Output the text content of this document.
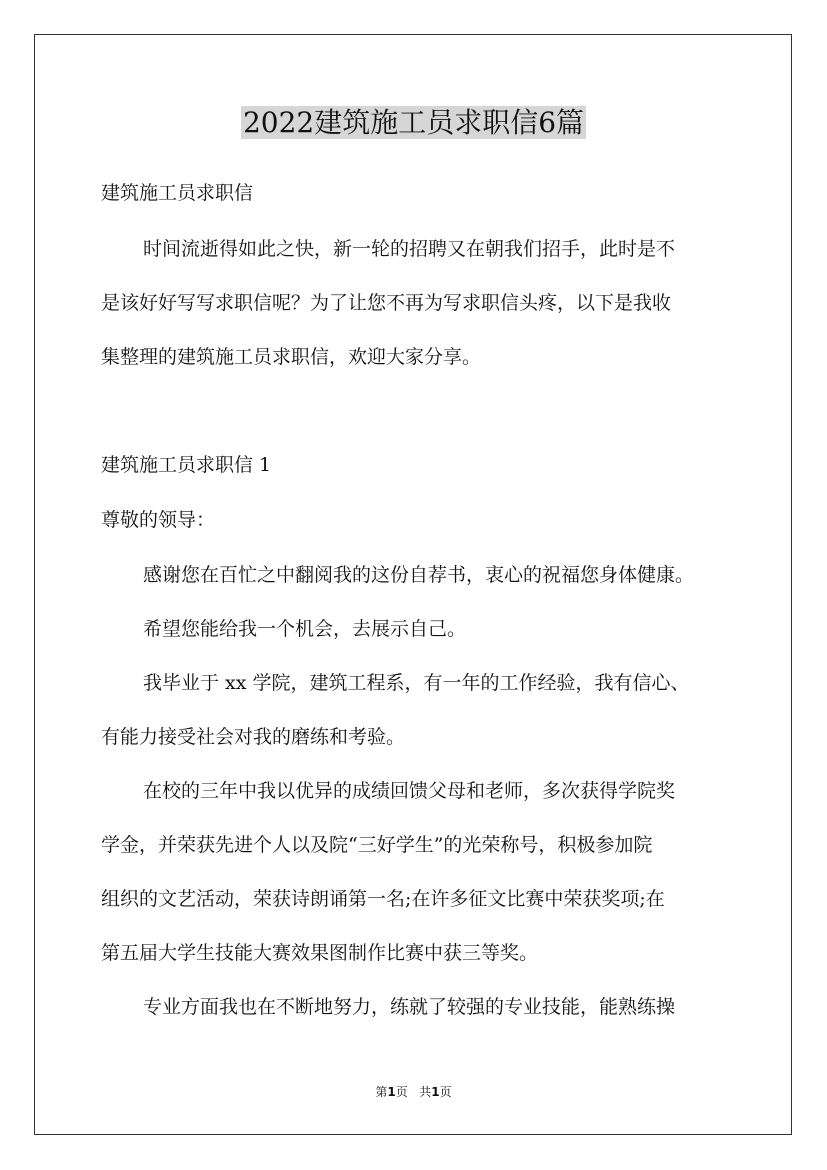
2022建筑施工员求职信6篇

建筑施工员求职信

时间流逝得如此之快，新一轮的招聘又在朝我们招手，此时是不

是该好好写写求职信呢？为了让您不再为写求职信头疼，以下是我收

集整理的建筑施工员求职信，欢迎大家分享。

建筑施工员求职信 1

尊敬的领导：

感谢您在百忙之中翻阅我的这份自荐书，衷心的祝福您身体健康。

希望您能给我一个机会，去展示自己。

我毕业于 xx 学院，建筑工程系，有一年的工作经验，我有信心、

有能力接受社会对我的磨练和考验。

在校的三年中我以优异的成绩回馈父母和老师，多次获得学院奖

学金，并荣获先进个人以及院“三好学生”的光荣称号，积极参加院

组织的文艺活动，荣获诗朗诵第一名;在许多征文比赛中荣获奖项;在

第五届大学生技能大赛效果图制作比赛中获三等奖。

专业方面我也在不断地努力，练就了较强的专业技能，能熟练操

第1页   共1页
